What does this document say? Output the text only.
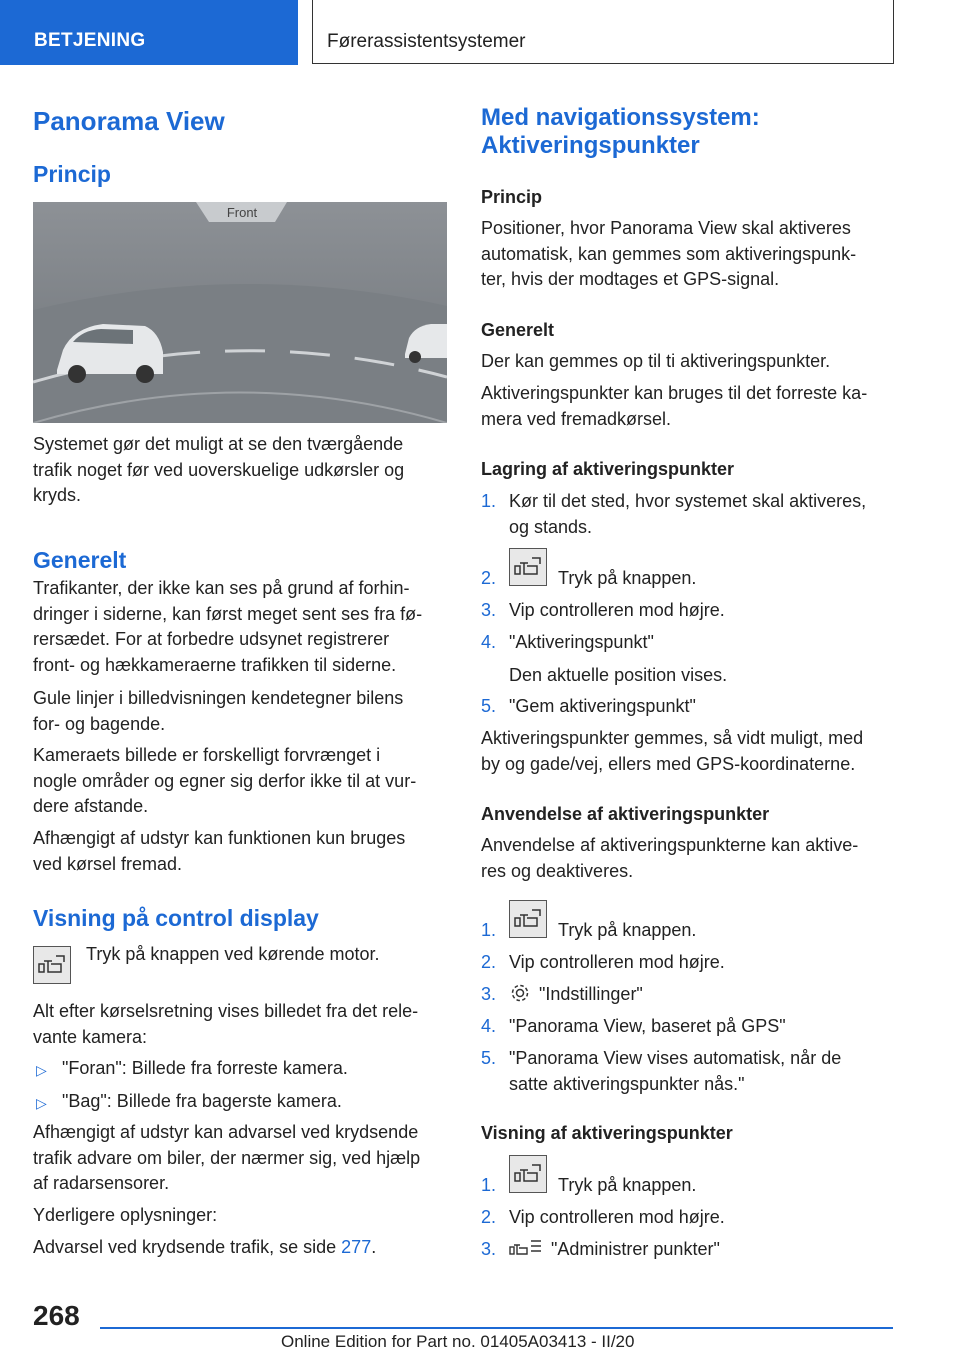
BETJENING	Førerassistentsystemer
Panorama View
Princip
Front
Systemet gør det muligt at se den tværgående
trafik noget før ved uoverskuelige udkørsler og
kryds.
Generelt
Trafikanter, der ikke kan ses på grund af forhin-
dringer i siderne, kan først meget sent ses fra fø-
rersædet. For at forbedre udsynet registrerer
front- og hækkameraerne trafikken til siderne.
Gule linjer i billedvisningen kendetegner bilens
for- og bagende.
Kameraets billede er forskelligt forvrænget i
nogle områder og egner sig derfor ikke til at vur-
dere afstande.
Afhængigt af udstyr kan funktionen kun bruges
ved kørsel fremad.
Visning på control display
Tryk på knappen ved kørende motor.
Alt efter kørselsretning vises billedet fra det rele-
vante kamera:
▷ "Foran": Billede fra forreste kamera.
▷ "Bag": Billede fra bagerste kamera.
Afhængigt af udstyr kan advarsel ved krydsende
trafik advare om biler, der nærmer sig, ved hjælp
af radarsensorer.
Yderligere oplysninger:
Advarsel ved krydsende trafik, se side 277.
Med navigationssystem:
Aktiveringspunkter
Princip
Positioner, hvor Panorama View skal aktiveres
automatisk, kan gemmes som aktiveringspunk-
ter, hvis der modtages et GPS-signal.
Generelt
Der kan gemmes op til ti aktiveringspunkter.
Aktiveringspunkter kan bruges til det forreste ka-
mera ved fremadkørsel.
Lagring af aktiveringspunkter
1. Kør til det sted, hvor systemet skal aktiveres,
og stands.
2.	Tryk på knappen.
3. Vip controlleren mod højre.
4. "Aktiveringspunkt"
Den aktuelle position vises.
5. "Gem aktiveringspunkt"
Aktiveringspunkter gemmes, så vidt muligt, med
by og gade/vej, ellers med GPS-koordinaterne.
Anvendelse af aktiveringspunkter
Anvendelse af aktiveringspunkterne kan aktive-
res og deaktiveres.
1.	Tryk på knappen.
2. Vip controlleren mod højre.
3. "Indstillinger"
4. "Panorama View, baseret på GPS"
5. "Panorama View vises automatisk, når de
satte aktiveringspunkter nås."
Visning af aktiveringspunkter
1.	Tryk på knappen.
2. Vip controlleren mod højre.
3.	"Administrer punkter"
268
Online Edition for Part no. 01405A03413 - II/20
